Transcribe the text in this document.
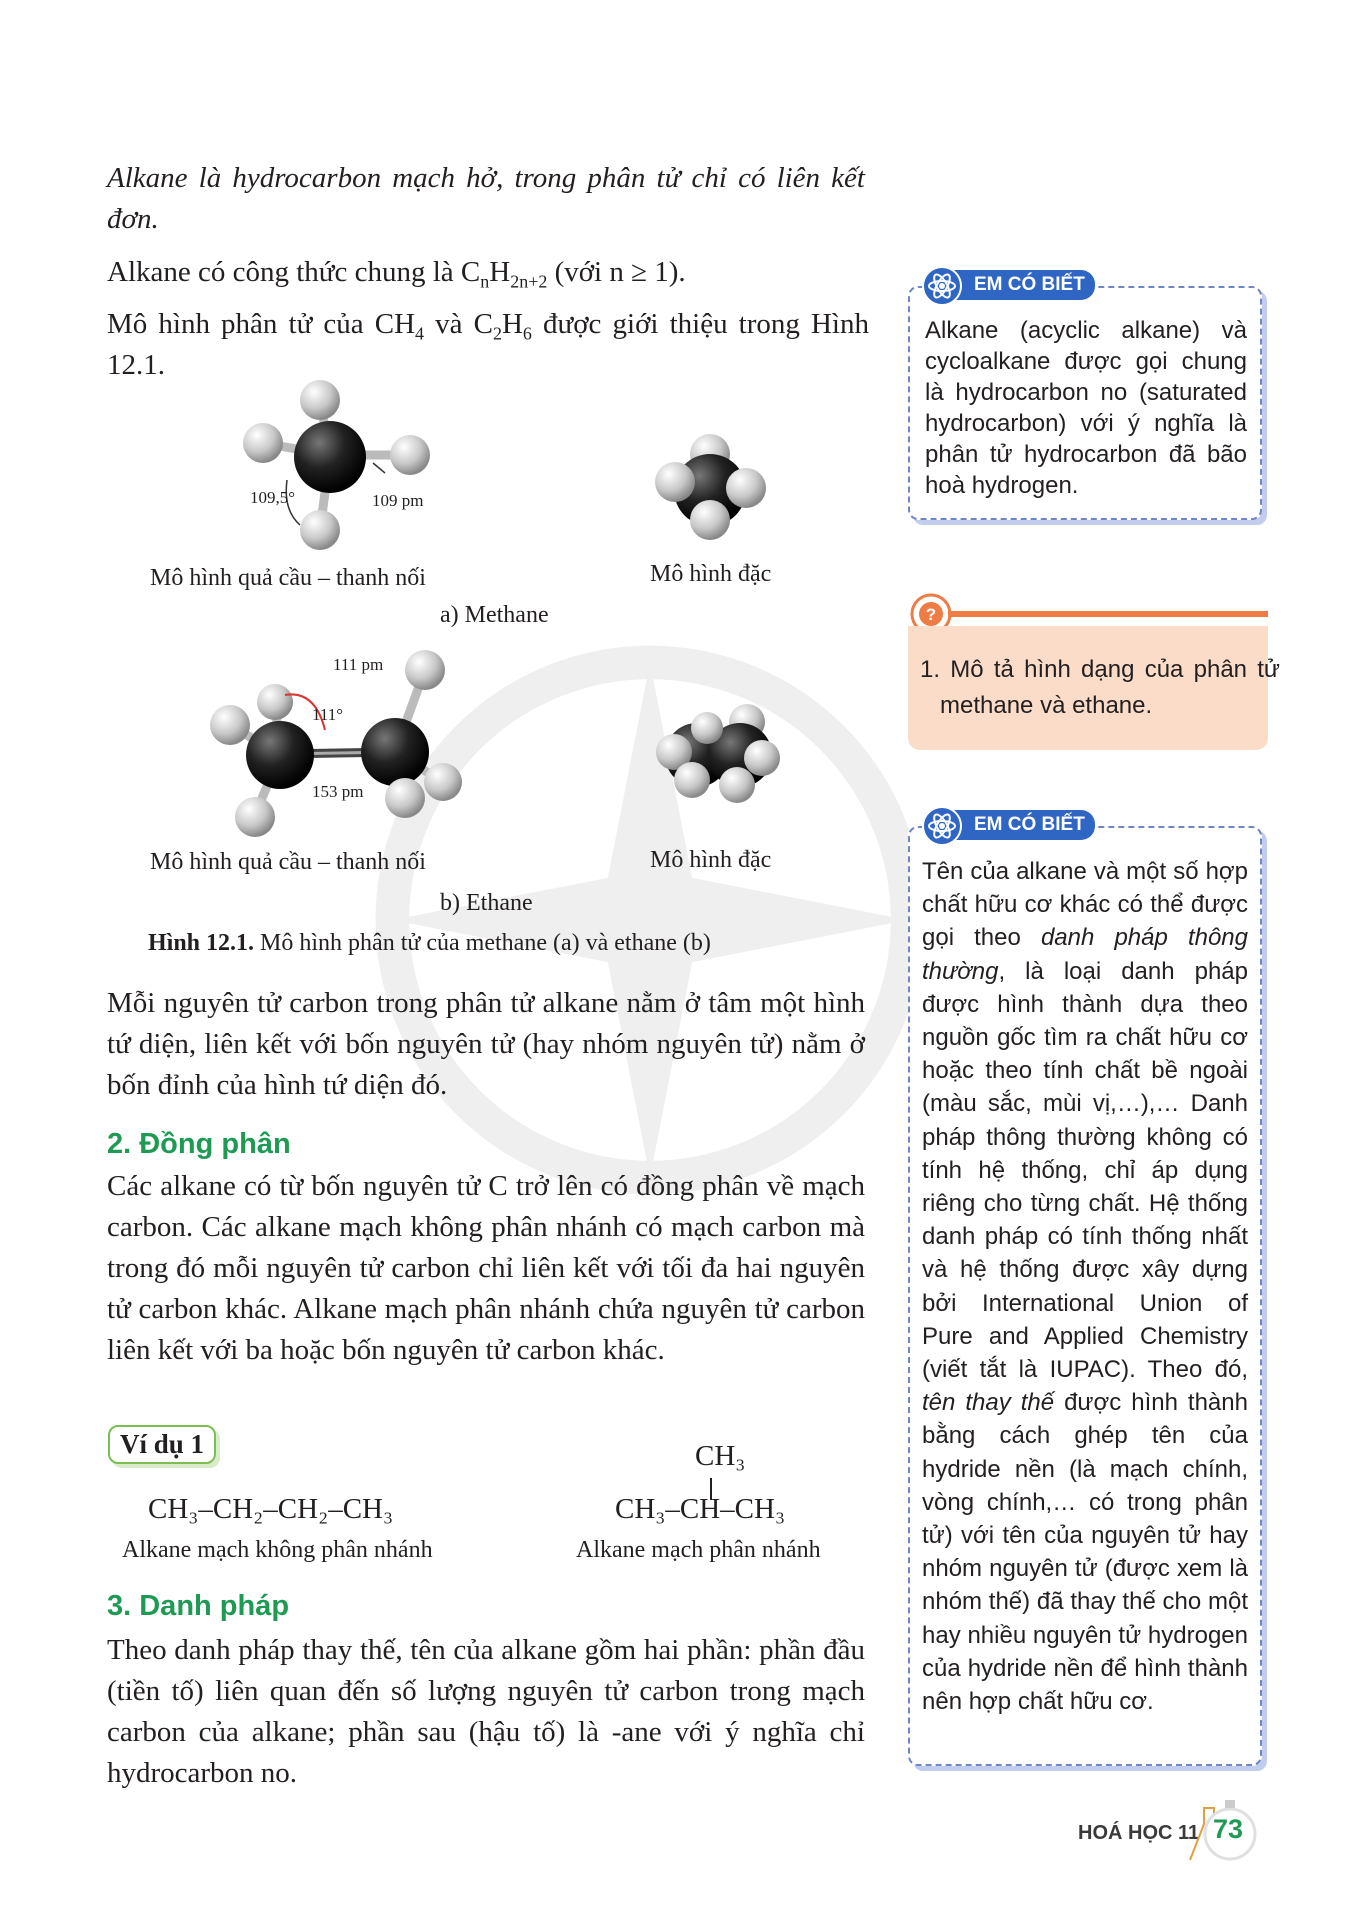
Alkane là hydrocarbon mạch hở, trong phân tử chỉ có liên kết đơn.
Alkane có công thức chung là $C_nH_{2n+2}$ (với n ≥ 1).
Mô hình phân tử của $CH_4$ và $C_2H_6$ được giới thiệu trong Hình 12.1.
109,5°	109 pm
Mô hình quả cầu – thanh nối	Mô hình đặc
a) Methane
111 pm
111°
153 pm
Mô hình quả cầu – thanh nối	Mô hình đặc
b) Ethane
Hình 12.1. Mô hình phân tử của methane (a) và ethane (b)
Mỗi nguyên tử carbon trong phân tử alkane nằm ở tâm một hình tứ diện, liên kết với bốn nguyên tử (hay nhóm nguyên tử) nằm ở bốn đỉnh của hình tứ diện đó.
2. Đồng phân
Các alkane có từ bốn nguyên tử C trở lên có đồng phân về mạch carbon. Các alkane mạch không phân nhánh có mạch carbon mà trong đó mỗi nguyên tử carbon chỉ liên kết với tối đa hai nguyên tử carbon khác. Alkane mạch phân nhánh chứa nguyên tử carbon liên kết với ba hoặc bốn nguyên tử carbon khác.
Ví dụ 1
CH₃–CH₂–CH₂–CH₃
Alkane mạch không phân nhánh
CH₃
CH₃–CH–CH₃
Alkane mạch phân nhánh
3. Danh pháp
Theo danh pháp thay thế, tên của alkane gồm hai phần: phần đầu (tiền tố) liên quan đến số lượng nguyên tử carbon trong mạch carbon của alkane; phần sau (hậu tố) là -ane với ý nghĩa chỉ hydrocarbon no.
EM CÓ BIẾT
Alkane (acyclic alkane) và cycloalkane được gọi chung là hydrocarbon no (saturated hydrocarbon) với ý nghĩa là phân tử hydrocarbon đã bão hoà hydrogen.
?
1. Mô tả hình dạng của phân tử methane và ethane.
EM CÓ BIẾT
Tên của alkane và một số hợp chất hữu cơ khác có thể được gọi theo danh pháp thông thường, là loại danh pháp được hình thành dựa theo nguồn gốc tìm ra chất hữu cơ hoặc theo tính chất bề ngoài (màu sắc, mùi vị,…),… Danh pháp thông thường không có tính hệ thống, chỉ áp dụng riêng cho từng chất. Hệ thống danh pháp có tính thống nhất và hệ thống được xây dựng bởi International Union of Pure and Applied Chemistry (viết tắt là IUPAC). Theo đó, tên thay thế được hình thành bằng cách ghép tên của hydride nền (là mạch chính, vòng chính,… có trong phân tử) với tên của nguyên tử hay nhóm nguyên tử (được xem là nhóm thế) đã thay thế cho một hay nhiều nguyên tử hydrogen của hydride nền để hình thành nên hợp chất hữu cơ.
HOÁ HỌC 11 73
